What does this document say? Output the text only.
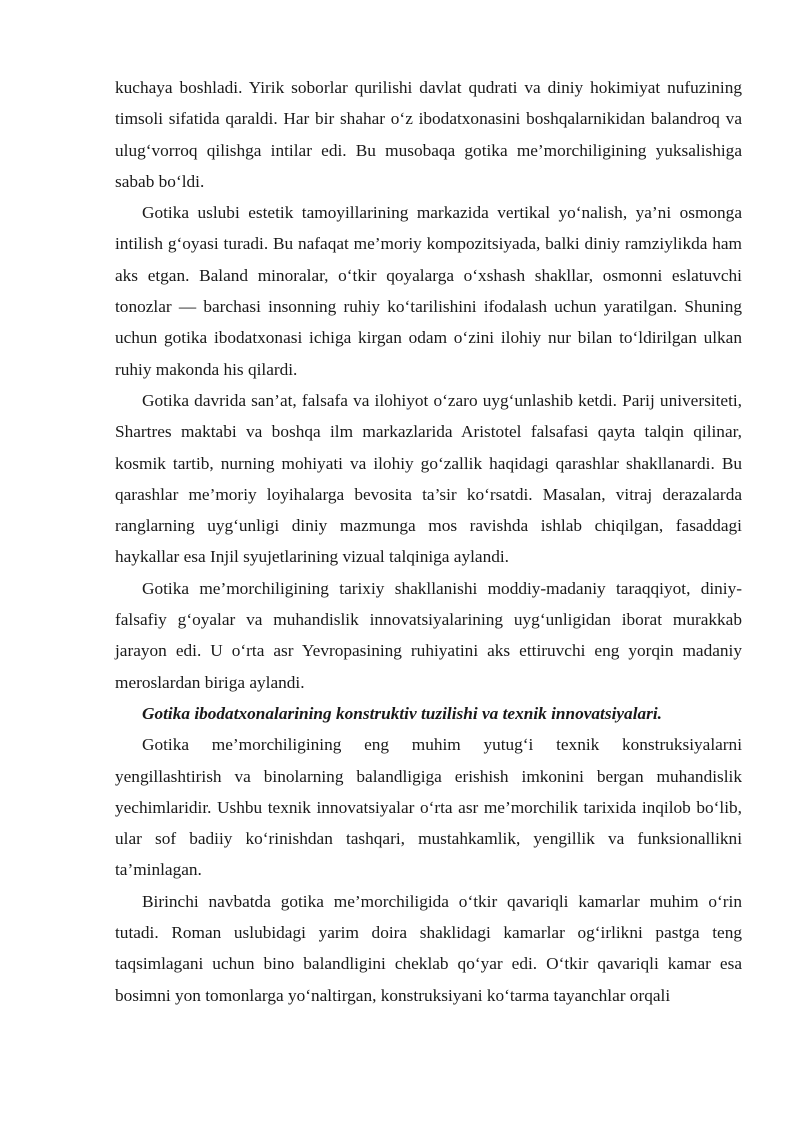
kuchaya boshladi. Yirik soborlar qurilishi davlat qudrati va diniy hokimiyat nufuzining timsoli sifatida qaraldi. Har bir shahar o‘z ibodatxonasini boshqalarnikidan balandroq va ulug‘vorroq qilishga intilar edi. Bu musobaqa gotika me’morchiligining yuksalishiga sabab bo‘ldi.

Gotika uslubi estetik tamoyillarining markazida vertikal yo‘nalish, ya’ni osmonga intilish g‘oyasi turadi. Bu nafaqat me’moriy kompozitsiyada, balki diniy ramziylikda ham aks etgan. Baland minoralar, o‘tkir qoyalarga o‘xshash shakllar, osmonni eslatuvchi tonozlar — barchasi insonning ruhiy ko‘tarilishini ifodalash uchun yaratilgan. Shuning uchun gotika ibodatxonasi ichiga kirgan odam o‘zini ilohiy nur bilan to‘ldirilgan ulkan ruhiy makonda his qilardi.

Gotika davrida san’at, falsafa va ilohiyot o‘zaro uyg‘unlashib ketdi. Parij universiteti, Shartres maktabi va boshqa ilm markazlarida Aristotel falsafasi qayta talqin qilinar, kosmik tartib, nurning mohiyati va ilohiy go‘zallik haqidagi qarashlar shakllanardi. Bu qarashlar me’moriy loyihalarga bevosita ta’sir ko‘rsatdi. Masalan, vitraj derazalarda ranglarning uyg‘unligi diniy mazmunga mos ravishda ishlab chiqilgan, fasaddagi haykallar esa Injil syujetlarining vizual talqiniga aylandi.

Gotika me’morchiligining tarixiy shakllanishi moddiy-madaniy taraqqiyot, diniy-falsafiy g‘oyalar va muhandislik innovatsiyalarining uyg‘unligidan iborat murakkab jarayon edi. U o‘rta asr Yevropasining ruhiyatini aks ettiruvchi eng yorqin madaniy meroslardan biriga aylandi.

Gotika ibodatxonalarining konstruktiv tuzilishi va texnik innovatsiyalari.

Gotika me’morchiligining eng muhim yutug‘i texnik konstruksiyalarni yengillashtirish va binolarning balandligiga erishish imkonini bergan muhandislik yechimlaridir. Ushbu texnik innovatsiyalar o‘rta asr me’morchilik tarixida inqilob bo‘lib, ular sof badiiy ko‘rinishdan tashqari, mustahkamlik, yengillik va funksionallikni ta’minlagan.

Birinchi navbatda gotika me’morchiligida o‘tkir qavariqli kamarlar muhim o‘rin tutadi. Roman uslubidagi yarim doira shaklidagi kamarlar og‘irlikni pastga teng taqsimlagani uchun bino balandligini cheklab qo‘yar edi. O‘tkir qavariqli kamar esa bosimni yon tomonlarga yo‘naltirgan, konstruksiyani ko‘tarma tayanchlar orqali
